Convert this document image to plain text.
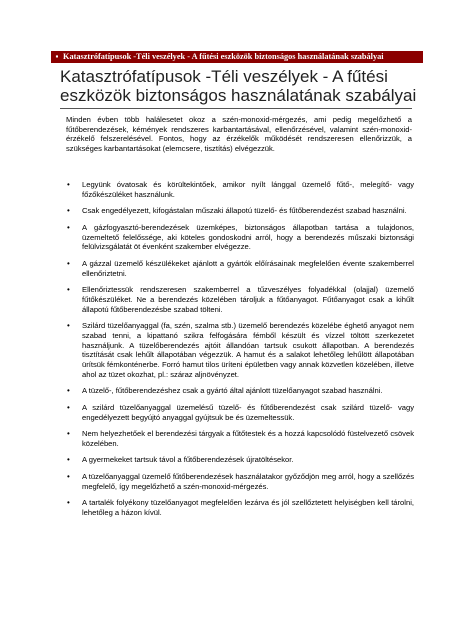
▪ Katasztrófatípusok -Téli veszélyek - A fűtési eszközök biztonságos használatának szabályai
Katasztrófatípusok -Téli veszélyek - A fűtési eszközök biztonságos használatának szabályai
Minden évben több halálesetet okoz a szén-monoxid-mérgezés, ami pedig megelőzhető a fűtőberendezések, kémények rendszeres karbantartásával, ellenőrzésével, valamint szén-monoxid-érzékelő felszerelésével. Fontos, hogy az érzékelők működését rendszeresen ellenőrizzük, a szükséges karbantartásokat (elemcsere, tisztítás) elvégezzük.
• Legyünk óvatosak és körültekintőek, amikor nyílt lánggal üzemelő fűtő-, melegítő- vagy főzőkészüléket használunk.
• Csak engedélyezett, kifogástalan műszaki állapotú tüzelő- és fűtőberendezést szabad használni.
• A gázfogyasztó-berendezések üzemképes, biztonságos állapotban tartása a tulajdonos, üzemeltető felelőssége, aki köteles gondoskodni arról, hogy a berendezés műszaki biztonsági felülvizsgálatát öt évenként szakember elvégezze.
• A gázzal üzemelő készülékeket ajánlott a gyártók előírásainak megfelelően évente szakemberrel ellenőriztetni.
• Ellenőriztessük rendszeresen szakemberrel a tűzveszélyes folyadékkal (olajjal) üzemelő fűtőkészüléket. Ne a berendezés közelében tároljuk a fűtőanyagot. Fűtőanyagot csak a kihűlt állapotú fűtőberendezésbe szabad tölteni.
• Szilárd tüzelőanyaggal (fa, szén, szalma stb.) üzemelő berendezés közelébe éghető anyagot nem szabad tenni, a kipattanó szikra felfogására fémből készült és vízzel töltött szerkezetet használjunk. A tüzelőberendezés ajtóit állandóan tartsuk csukott állapotban. A berendezés tisztítását csak lehűlt állapotában végezzük. A hamut és a salakot lehetőleg lehűlött állapotában ürítsük fémkonténerbe. Forró hamut tilos üríteni épületben vagy annak közvetlen közelében, illetve ahol az tüzet okozhat, pl.: száraz aljnövényzet.
• A tüzelő-, fűtőberendezéshez csak a gyártó által ajánlott tüzelőanyagot szabad használni.
• A szilárd tüzelőanyaggal üzemelésű tüzelő- és fűtőberendezést csak szilárd tüzelő- vagy engedélyezett begyújtó anyaggal gyújtsuk be és üzemeltessük.
• Nem helyezhetőek el berendezési tárgyak a fűtőtestek és a hozzá kapcsolódó füstelvezető csövek közelében.
• A gyermekeket tartsuk távol a fűtőberendezések újratöltésekor.
• A tüzelőanyaggal üzemelő fűtőberendezések használatakor győződjön meg arról, hogy a szellőzés megfelelő, így megelőzhető a szén-monoxid-mérgezés.
• A tartalék folyékony tüzelőanyagot megfelelően lezárva és jól szellőztetett helyiségben kell tárolni, lehetőleg a házon kívül.
